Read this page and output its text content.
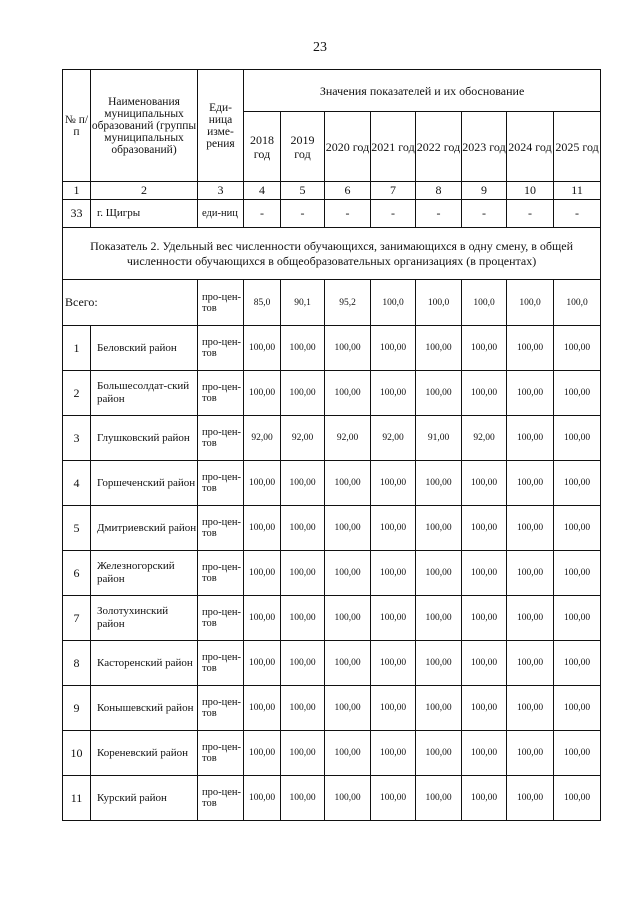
23
№ п/п	Наименования муниципальных образований (группы муниципальных образований)	Еди-ница изме-рения	Значения показателей и их обоснование							
			2018 год	2019 год	2020 год	2021 год	2022 год	2023 год	2024 год	2025 год
1	2	3	4	5	6	7	8	9	10	11
33	г. Щигры	еди-ниц	-	-	-	-	-	-	-	-
Показатель 2. Удельный вес численности обучающихся, занимающихся в одну смену, в общей численности обучающихся в общеобразовательных организациях (в процентах)										
Всего:		про-цен-тов	85,0	90,1	95,2	100,0	100,0	100,0	100,0	100,0
1	Беловский район	про-цен-тов	100,00	100,00	100,00	100,00	100,00	100,00	100,00	100,00
2	Большесолдат-ский район	про-цен-тов	100,00	100,00	100,00	100,00	100,00	100,00	100,00	100,00
3	Глушковский район	про-цен-тов	92,00	92,00	92,00	92,00	91,00	92,00	100,00	100,00
4	Горшеченский район	про-цен-тов	100,00	100,00	100,00	100,00	100,00	100,00	100,00	100,00
5	Дмитриевский район	про-цен-тов	100,00	100,00	100,00	100,00	100,00	100,00	100,00	100,00
6	Железногорский район	про-цен-тов	100,00	100,00	100,00	100,00	100,00	100,00	100,00	100,00
7	Золотухинский район	про-цен-тов	100,00	100,00	100,00	100,00	100,00	100,00	100,00	100,00
8	Касторенский район	про-цен-тов	100,00	100,00	100,00	100,00	100,00	100,00	100,00	100,00
9	Конышевский район	про-цен-тов	100,00	100,00	100,00	100,00	100,00	100,00	100,00	100,00
10	Кореневский район	про-цен-тов	100,00	100,00	100,00	100,00	100,00	100,00	100,00	100,00
11	Курский район	про-цен-тов	100,00	100,00	100,00	100,00	100,00	100,00	100,00	100,00
